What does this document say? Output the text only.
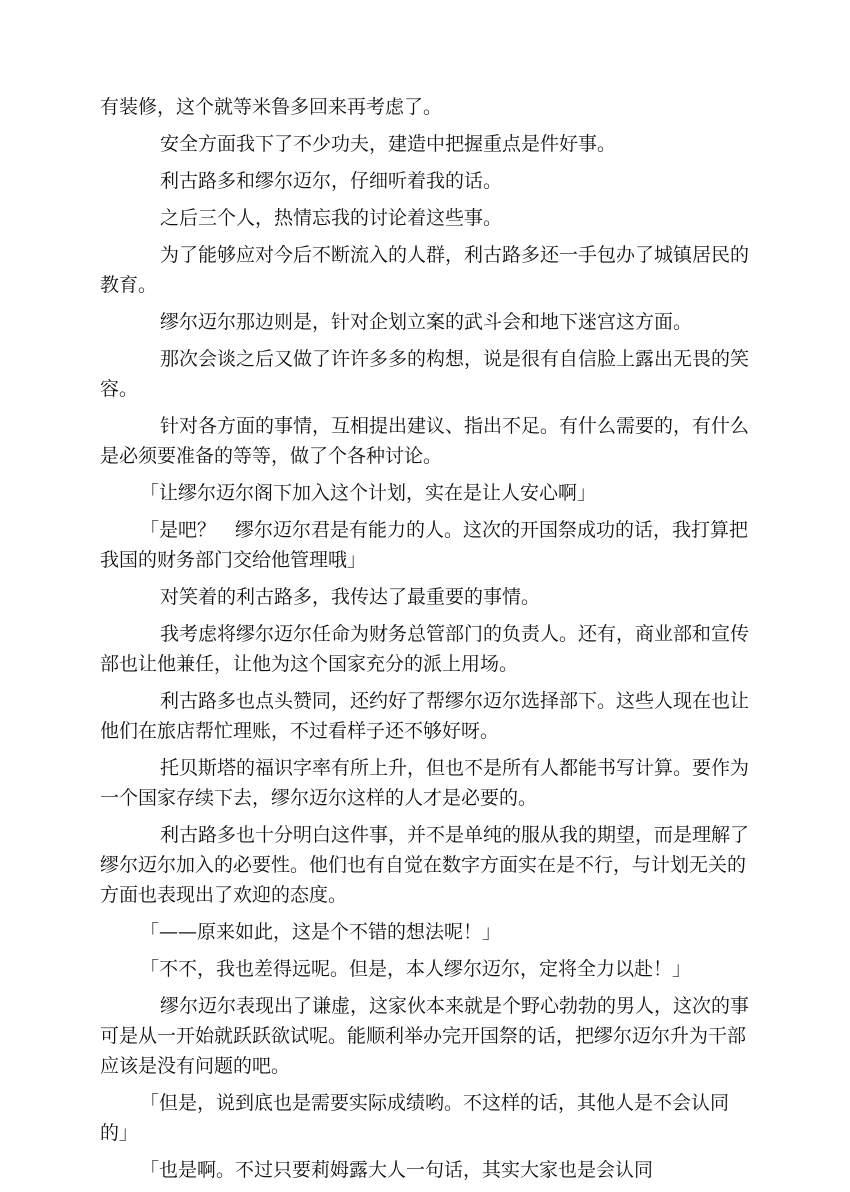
有装修，这个就等米鲁多回来再考虑了。

安全方面我下了不少功夫，建造中把握重点是件好事。

利古路多和缪尔迈尔，仔细听着我的话。

之后三个人，热情忘我的讨论着这些事。

为了能够应对今后不断流入的人群，利古路多还一手包办了城镇居民的教育。

缪尔迈尔那边则是，针对企划立案的武斗会和地下迷宫这方面。

那次会谈之后又做了许许多多的构想，说是很有自信脸上露出无畏的笑容。

针对各方面的事情，互相提出建议、指出不足。有什么需要的，有什么是必须要准备的等等，做了个各种讨论。

「让缪尔迈尔阁下加入这个计划，实在是让人安心啊」

「是吧？　缪尔迈尔君是有能力的人。这次的开国祭成功的话，我打算把我国的财务部门交给他管理哦」

对笑着的利古路多，我传达了最重要的事情。

我考虑将缪尔迈尔任命为财务总管部门的负责人。还有，商业部和宣传部也让他兼任，让他为这个国家充分的派上用场。

利古路多也点头赞同，还约好了帮缪尔迈尔选择部下。这些人现在也让他们在旅店帮忙理账，不过看样子还不够好呀。

托贝斯塔的福识字率有所上升，但也不是所有人都能书写计算。要作为一个国家存续下去，缪尔迈尔这样的人才是必要的。

利古路多也十分明白这件事，并不是单纯的服从我的期望，而是理解了缪尔迈尔加入的必要性。他们也有自觉在数字方面实在是不行，与计划无关的方面也表现出了欢迎的态度。

「——原来如此，这是个不错的想法呢！」

「不不，我也差得远呢。但是，本人缪尔迈尔，定将全力以赴！」

缪尔迈尔表现出了谦虚，这家伙本来就是个野心勃勃的男人，这次的事可是从一开始就跃跃欲试呢。能顺利举办完开国祭的话，把缪尔迈尔升为干部应该是没有问题的吧。

「但是，说到底也是需要实际成绩哟。不这样的话，其他人是不会认同的」

「也是啊。不过只要莉姆露大人一句话，其实大家也是会认同
